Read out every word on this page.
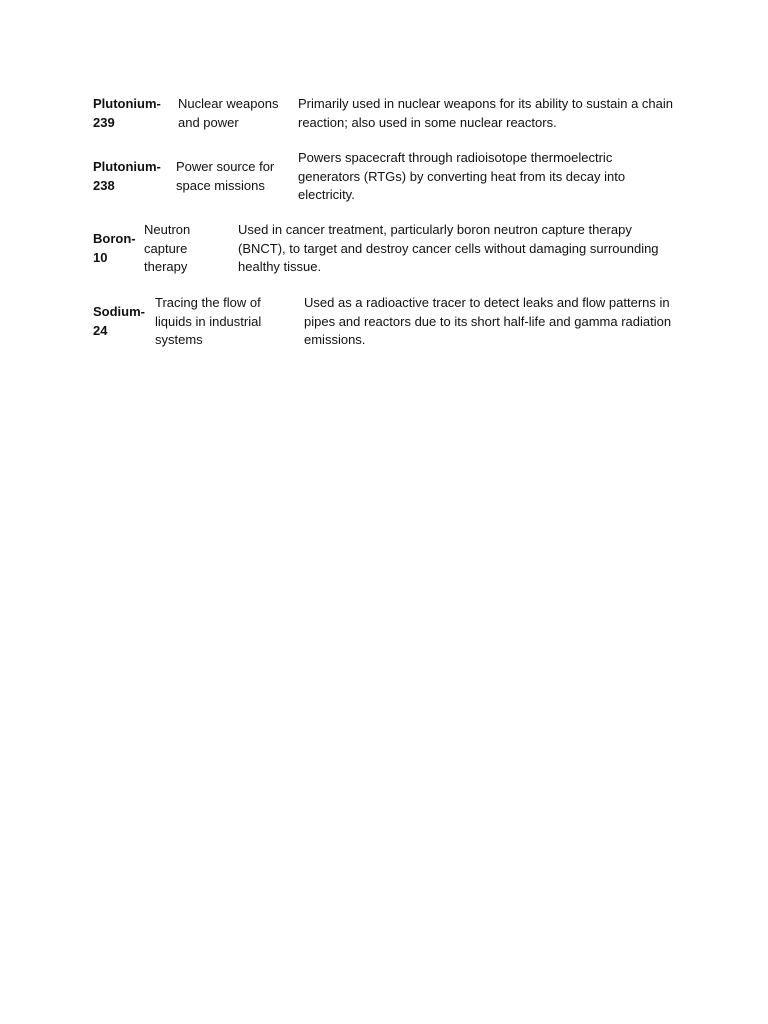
Plutonium-239
Nuclear weapons and power
Primarily used in nuclear weapons for its ability to sustain a chain reaction; also used in some nuclear reactors.
Plutonium-238
Power source for space missions
Powers spacecraft through radioisotope thermoelectric generators (RTGs) by converting heat from its decay into electricity.
Boron-10
Neutron capture therapy
Used in cancer treatment, particularly boron neutron capture therapy (BNCT), to target and destroy cancer cells without damaging surrounding healthy tissue.
Sodium-24
Tracing the flow of liquids in industrial systems
Used as a radioactive tracer to detect leaks and flow patterns in pipes and reactors due to its short half-life and gamma radiation emissions.
